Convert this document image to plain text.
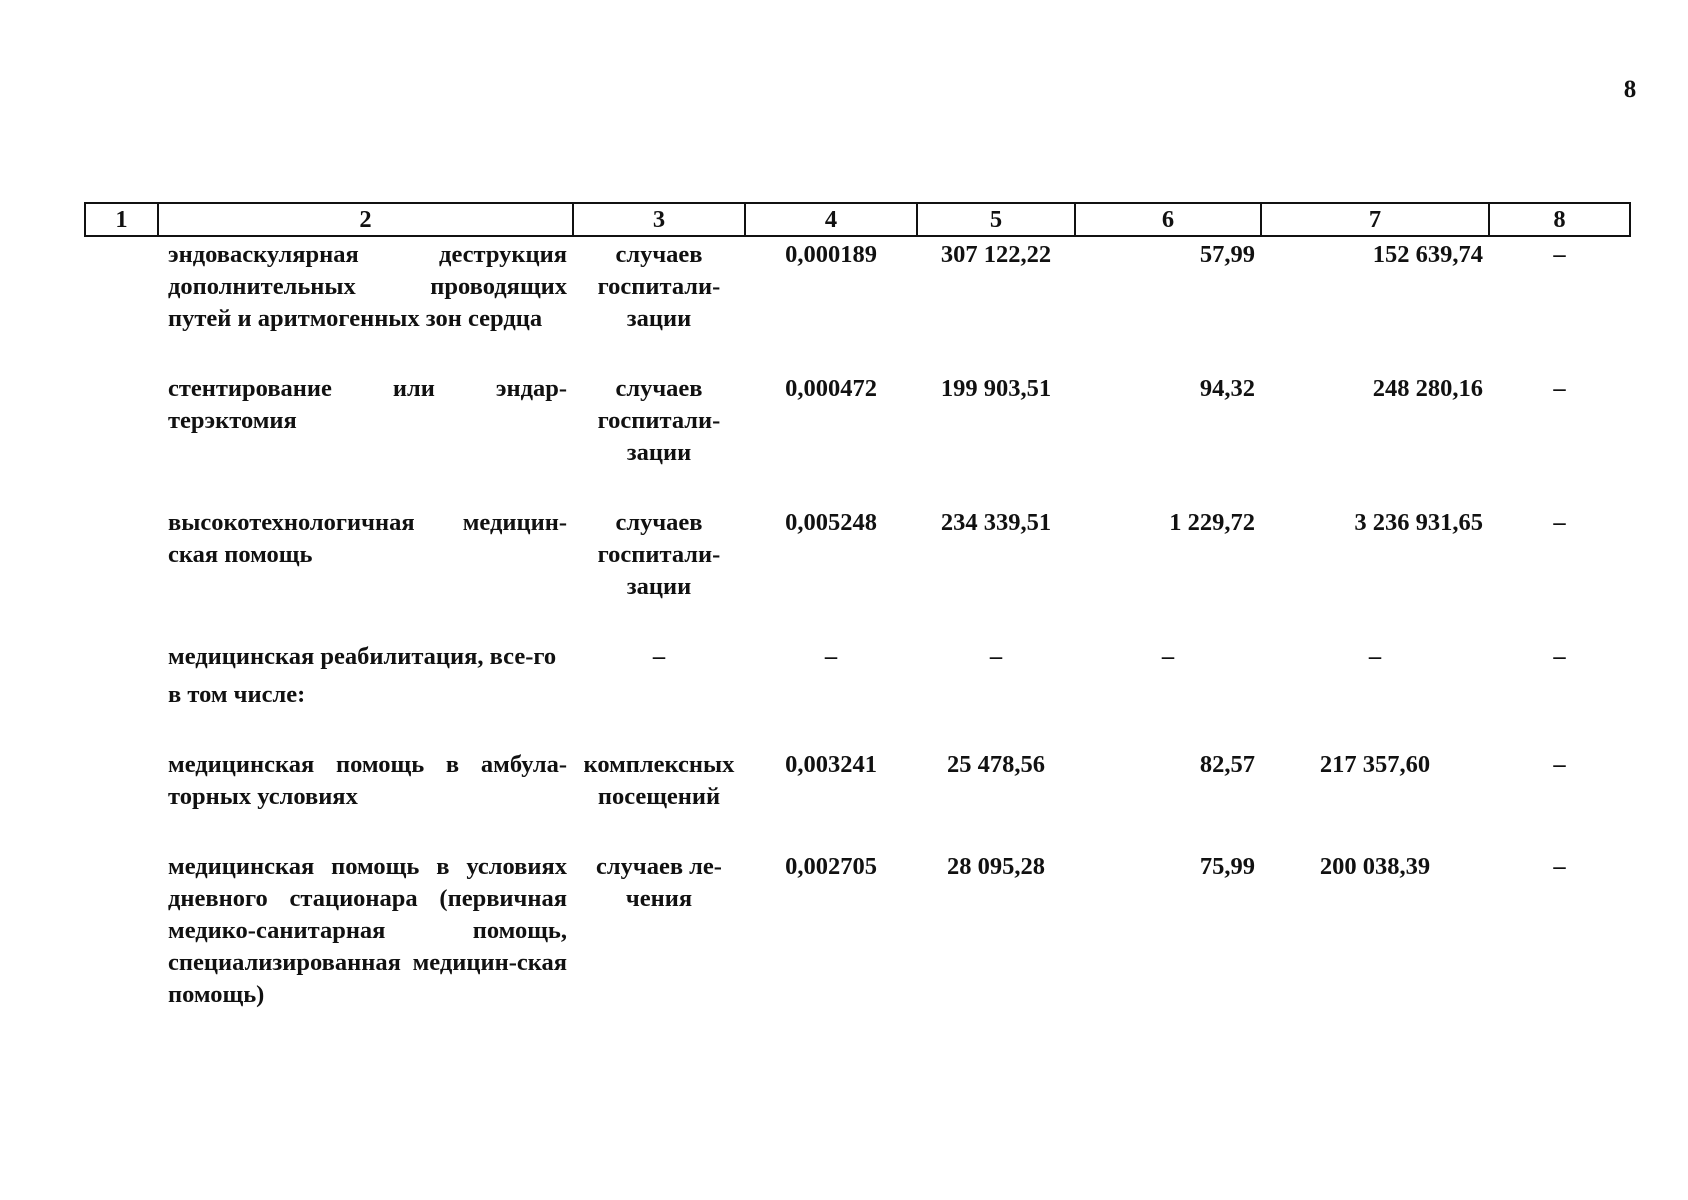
8
1	2	3	4	5	6	7	8
	эндоваскулярная деструкция дополнительных проводящих путей и аритмогенных зон сердца	случаев госпитали-зации	0,000189	307 122,22	57,99	152 639,74	–
	стентирование или эндар-терэктомия	случаев госпитали-зации	0,000472	199 903,51	94,32	248 280,16	–
	высокотехнологичная медицин-ская помощь	случаев госпитали-зации	0,005248	234 339,51	1 229,72	3 236 931,65	–
	медицинская реабилитация, все-го	–	–	–	–	–	–
	в том числе:						
	медицинская помощь в амбула-торных условиях	комплексных посещений	0,003241	25 478,56	82,57	217 357,60	–
	медицинская помощь в условиях дневного стационара (первичная медико-санитарная помощь, специализированная медицин-ская помощь)	случаев ле-чения	0,002705	28 095,28	75,99	200 038,39	–
